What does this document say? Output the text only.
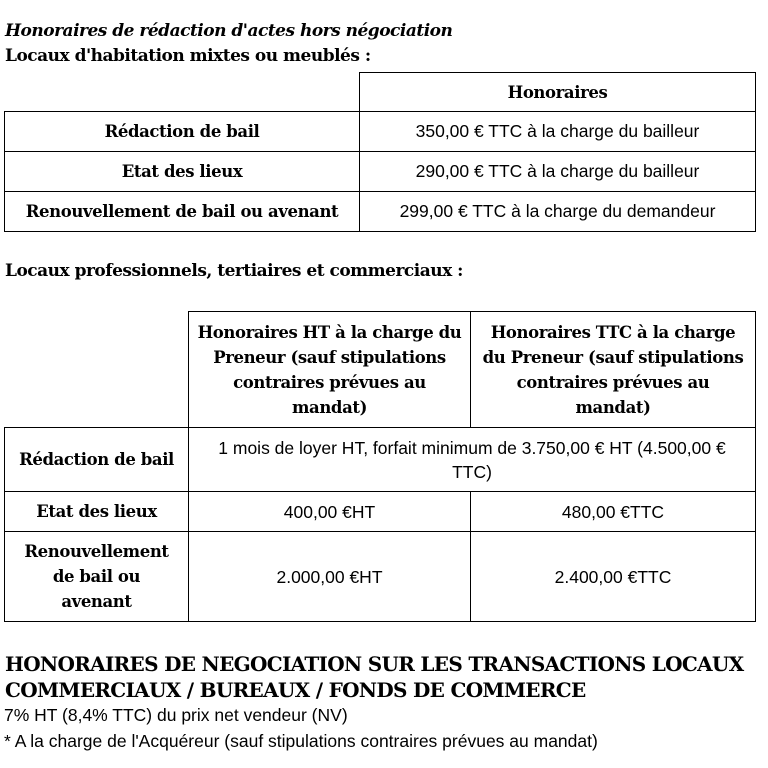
Honoraires de rédaction d'actes hors négociation
Locaux d'habitation mixtes ou meublés :
	Honoraires
Rédaction de bail	350,00 € TTC à la charge du bailleur
Etat des lieux	290,00 € TTC à la charge du bailleur
Renouvellement de bail ou avenant	299,00 € TTC à la charge du demandeur
Locaux professionnels, tertiaires et commerciaux :
	Honoraires HT à la charge du Preneur (sauf stipulations contraires prévues au mandat)	Honoraires TTC à la charge du Preneur (sauf stipulations contraires prévues au mandat)
Rédaction de bail	1 mois de loyer HT, forfait minimum de 3.750,00 € HT (4.500,00 € TTC)	
Etat des lieux	400,00 €HT	480,00 €TTC
Renouvellement de bail ou avenant	2.000,00 €HT	2.400,00 €TTC
HONORAIRES DE NEGOCIATION SUR LES TRANSACTIONS LOCAUX COMMERCIAUX / BUREAUX / FONDS DE COMMERCE
7% HT (8,4% TTC) du prix net vendeur (NV)
* A la charge de l'Acquéreur (sauf stipulations contraires prévues au mandat)
